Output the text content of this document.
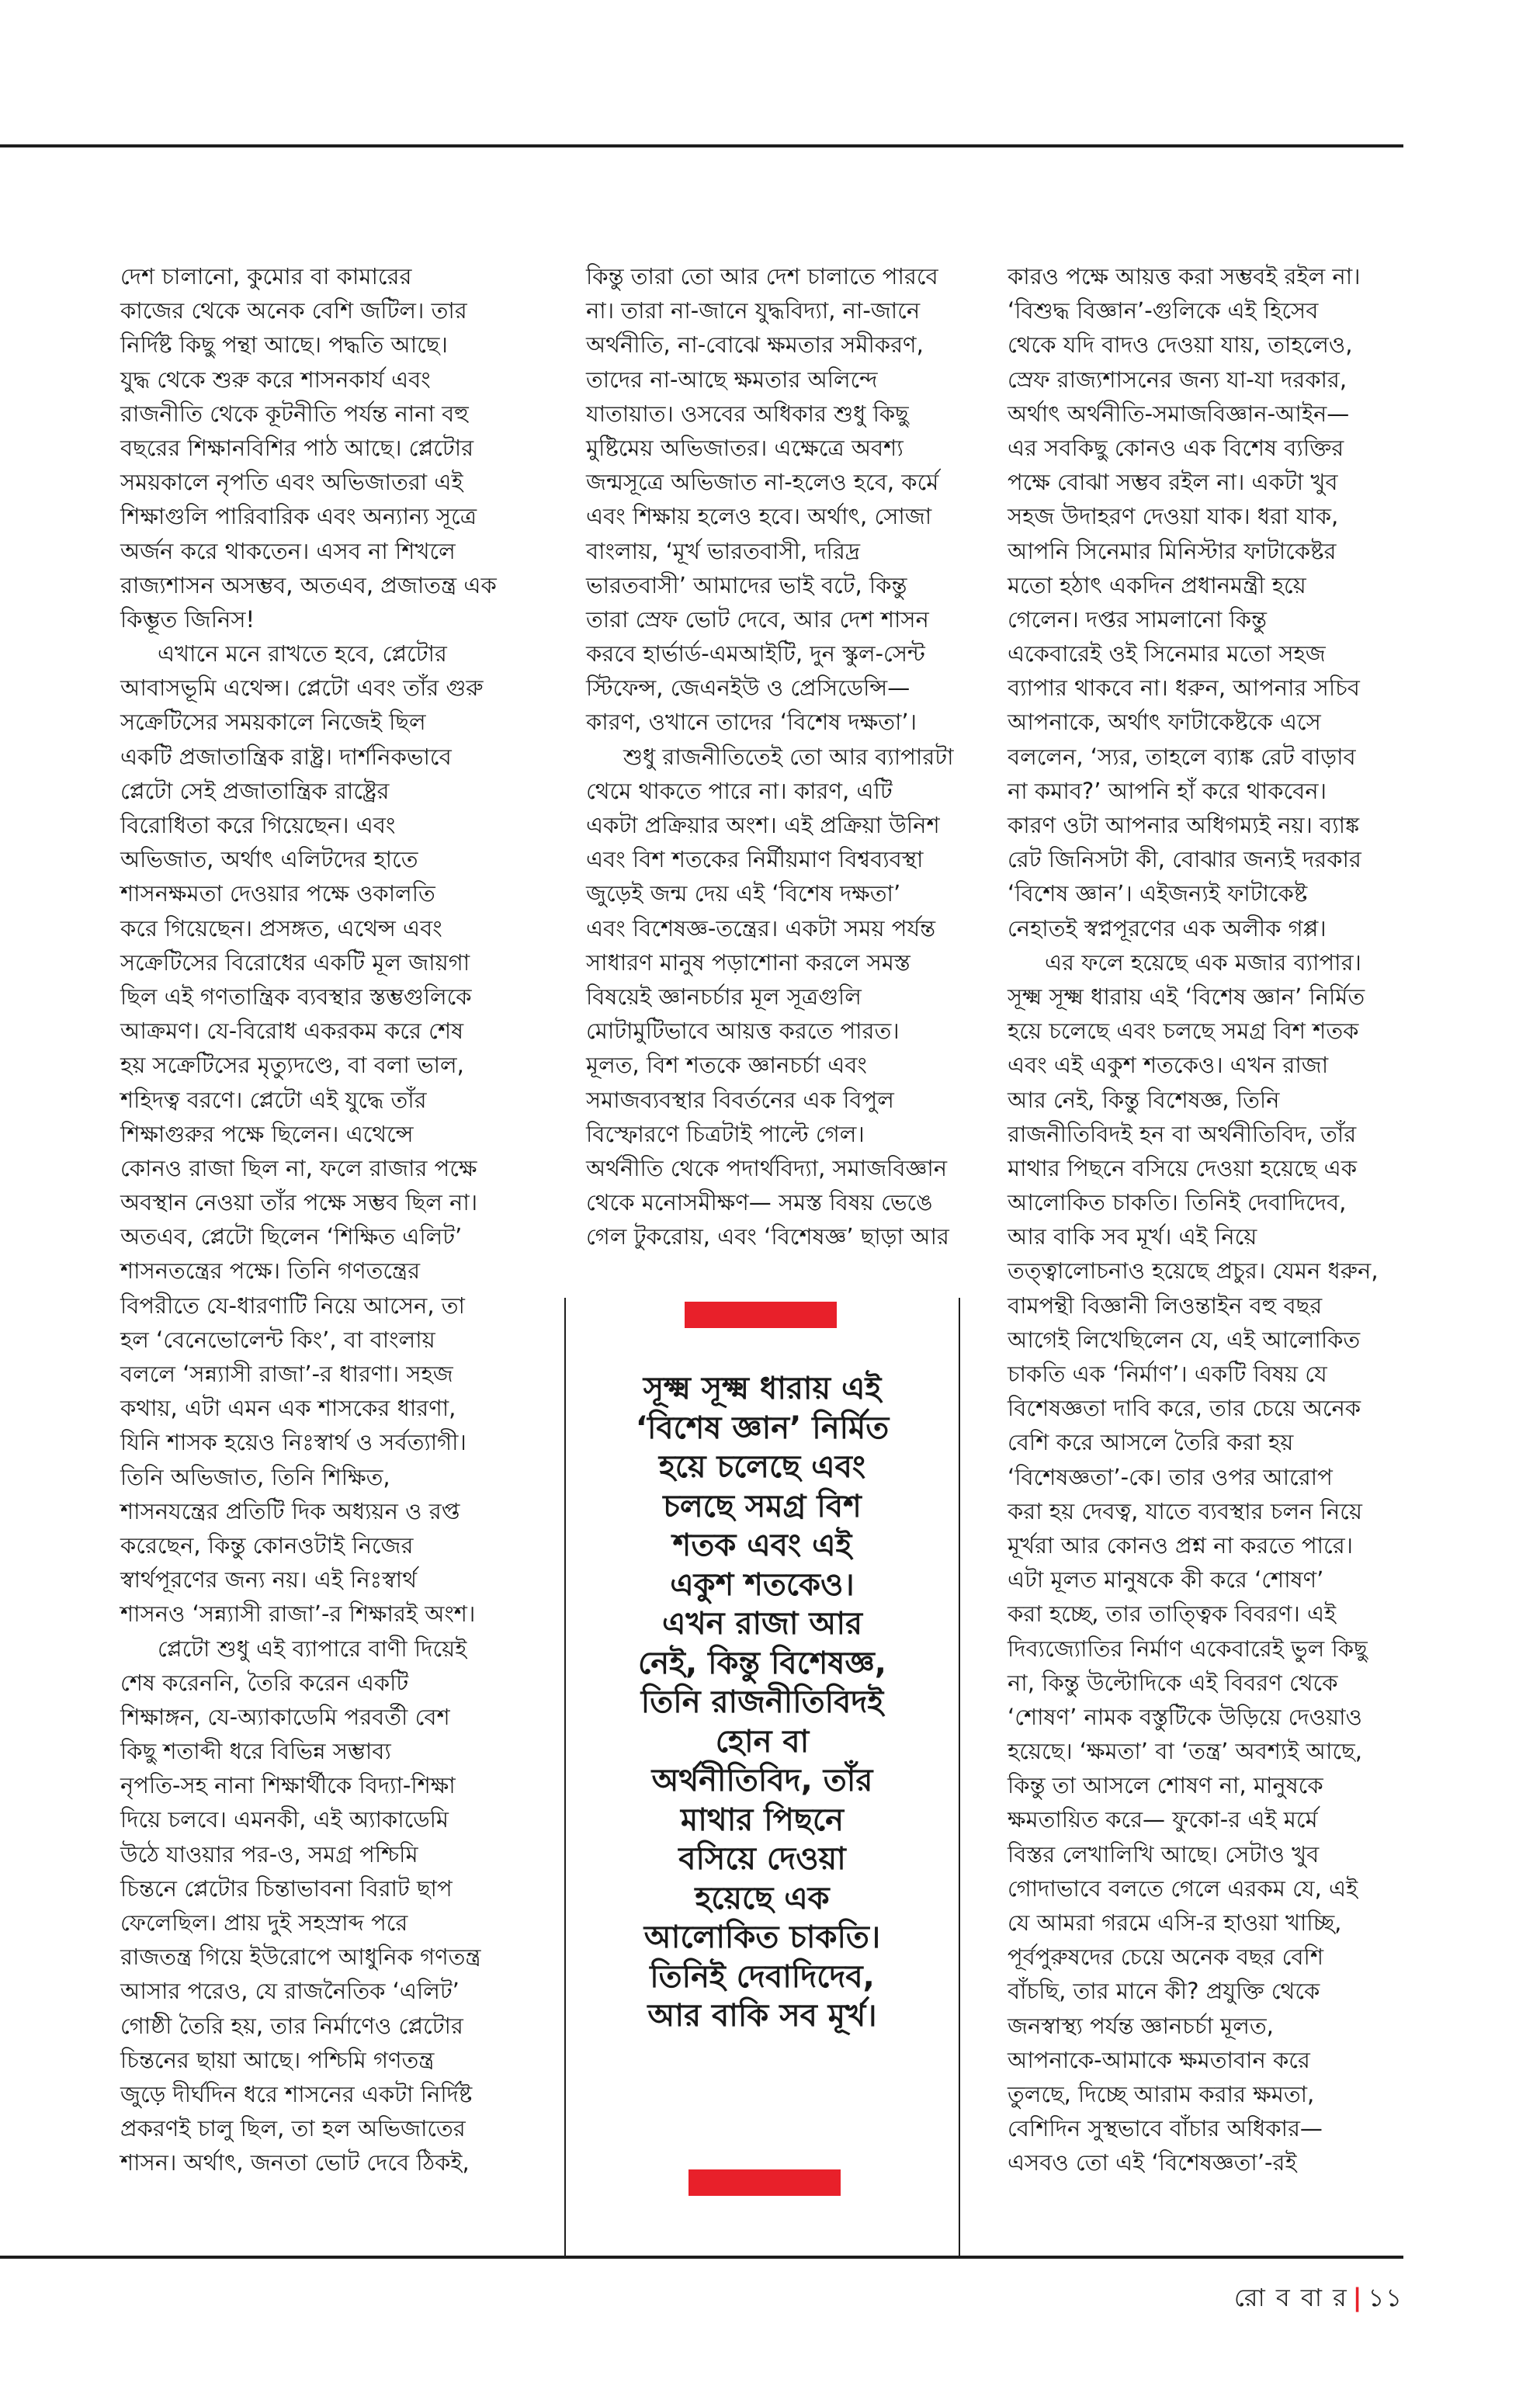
দেশ চালানো, কুমোর বা কামারের
কাজের থেকে অনেক বেশি জটিল। তার
নির্দিষ্ট কিছু পন্থা আছে। পদ্ধতি আছে।
যুদ্ধ থেকে শুরু করে শাসনকার্য এবং
রাজনীতি থেকে কূটনীতি পর্যন্ত নানা বহু
বছরের শিক্ষানবিশির পাঠ আছে। প্লেটোর
সময়কালে নৃপতি এবং অভিজাতরা এই
শিক্ষাগুলি পারিবারিক এবং অন্যান্য সূত্রে
অর্জন করে থাকতেন। এসব না শিখলে
রাজ্যশাসন অসম্ভব, অতএব, প্রজাতন্ত্র এক
কিম্ভূত জিনিস!
এখানে মনে রাখতে হবে, প্লেটোর
আবাসভূমি এথেন্স। প্লেটো এবং তাঁর গুরু
সক্রেটিসের সময়কালে নিজেই ছিল
একটি প্রজাতান্ত্রিক রাষ্ট্র। দার্শনিকভাবে
প্লেটো সেই প্রজাতান্ত্রিক রাষ্ট্রের
বিরোধিতা করে গিয়েছেন। এবং
অভিজাত, অর্থাৎ এলিটদের হাতে
শাসনক্ষমতা দেওয়ার পক্ষে ওকালতি
করে গিয়েছেন। প্রসঙ্গত, এথেন্স এবং
সক্রেটিসের বিরোধের একটি মূল জায়গা
ছিল এই গণতান্ত্রিক ব্যবস্থার স্তম্ভগুলিকে
আক্রমণ। যে-বিরোধ একরকম করে শেষ
হয় সক্রেটিসের মৃত্যুদণ্ডে, বা বলা ভাল,
শহিদত্ব বরণে। প্লেটো এই যুদ্ধে তাঁর
শিক্ষাগুরুর পক্ষে ছিলেন। এথেন্সে
কোনও রাজা ছিল না, ফলে রাজার পক্ষে
অবস্থান নেওয়া তাঁর পক্ষে সম্ভব ছিল না।
অতএব, প্লেটো ছিলেন ‘শিক্ষিত এলিট’
শাসনতন্ত্রের পক্ষে। তিনি গণতন্ত্রের
বিপরীতে যে-ধারণাটি নিয়ে আসেন, তা
হল ‘বেনেভোলেন্ট কিং’, বা বাংলায়
বললে ‘সন্ন্যাসী রাজা’-র ধারণা। সহজ
কথায়, এটা এমন এক শাসকের ধারণা,
যিনি শাসক হয়েও নিঃস্বার্থ ও সর্বত্যাগী।
তিনি অভিজাত, তিনি শিক্ষিত,
শাসনযন্ত্রের প্রতিটি দিক অধ্যয়ন ও রপ্ত
করেছেন, কিন্তু কোনওটাই নিজের
স্বার্থপূরণের জন্য নয়। এই নিঃস্বার্থ
শাসনও ‘সন্ন্যাসী রাজা’-র শিক্ষারই অংশ।
প্লেটো শুধু এই ব্যাপারে বাণী দিয়েই
শেষ করেননি, তৈরি করেন একটি
শিক্ষাঙ্গন, যে-অ্যাকাডেমি পরবর্তী বেশ
কিছু শতাব্দী ধরে বিভিন্ন সম্ভাব্য
নৃপতি-সহ নানা শিক্ষার্থীকে বিদ্যা-শিক্ষা
দিয়ে চলবে। এমনকী, এই অ্যাকাডেমি
উঠে যাওয়ার পর-ও, সমগ্র পশ্চিমি
চিন্তনে প্লেটোর চিন্তাভাবনা বিরাট ছাপ
ফেলেছিল। প্রায় দুই সহস্রাব্দ পরে
রাজতন্ত্র গিয়ে ইউরোপে আধুনিক গণতন্ত্র
আসার পরেও, যে রাজনৈতিক ‘এলিট’
গোষ্ঠী তৈরি হয়, তার নির্মাণেও প্লেটোর
চিন্তনের ছায়া আছে। পশ্চিমি গণতন্ত্র
জুড়ে দীর্ঘদিন ধরে শাসনের একটা নির্দিষ্ট
প্রকরণই চালু ছিল, তা হল অভিজাতের
শাসন। অর্থাৎ, জনতা ভোট দেবে ঠিকই,
কিন্তু তারা তো আর দেশ চালাতে পারবে
না। তারা না-জানে যুদ্ধবিদ্যা, না-জানে
অর্থনীতি, না-বোঝে ক্ষমতার সমীকরণ,
তাদের না-আছে ক্ষমতার অলিন্দে
যাতায়াত। ওসবের অধিকার শুধু কিছু
মুষ্টিমেয় অভিজাতর। এক্ষেত্রে অবশ্য
জন্মসূত্রে অভিজাত না-হলেও হবে, কর্মে
এবং শিক্ষায় হলেও হবে। অর্থাৎ, সোজা
বাংলায়, ‘মূর্খ ভারতবাসী, দরিদ্র
ভারতবাসী’ আমাদের ভাই বটে, কিন্তু
তারা স্রেফ ভোট দেবে, আর দেশ শাসন
করবে হার্ভার্ড-এমআইটি, দুন স্কুল-সেন্ট
স্টিফেন্স, জেএনইউ ও প্রেসিডেন্সি—
কারণ, ওখানে তাদের ‘বিশেষ দক্ষতা’।
শুধু রাজনীতিতেই তো আর ব্যাপারটা
থেমে থাকতে পারে না। কারণ, এটি
একটা প্রক্রিয়ার অংশ। এই প্রক্রিয়া উনিশ
এবং বিশ শতকের নির্মীয়মাণ বিশ্বব্যবস্থা
জুড়েই জন্ম দেয় এই ‘বিশেষ দক্ষতা’
এবং বিশেষজ্ঞ-তন্ত্রের। একটা সময় পর্যন্ত
সাধারণ মানুষ পড়াশোনা করলে সমস্ত
বিষয়েই জ্ঞানচর্চার মূল সূত্রগুলি
মোটামুটিভাবে আয়ত্ত করতে পারত।
মূলত, বিশ শতকে জ্ঞানচর্চা এবং
সমাজব্যবস্থার বিবর্তনের এক বিপুল
বিস্ফোরণে চিত্রটাই পাল্টে গেল।
অর্থনীতি থেকে পদার্থবিদ্যা, সমাজবিজ্ঞান
থেকে মনোসমীক্ষণ— সমস্ত বিষয় ভেঙে
গেল টুকরোয়, এবং ‘বিশেষজ্ঞ’ ছাড়া আর
কারও পক্ষে আয়ত্ত করা সম্ভবই রইল না।
‘বিশুদ্ধ বিজ্ঞান’-গুলিকে এই হিসেব
থেকে যদি বাদও দেওয়া যায়, তাহলেও,
স্রেফ রাজ্যশাসনের জন্য যা-যা দরকার,
অর্থাৎ অর্থনীতি-সমাজবিজ্ঞান-আইন—
এর সবকিছু কোনও এক বিশেষ ব্যক্তির
পক্ষে বোঝা সম্ভব রইল না। একটা খুব
সহজ উদাহরণ দেওয়া যাক। ধরা যাক,
আপনি সিনেমার মিনিস্টার ফাটাকেষ্টর
মতো হঠাৎ একদিন প্রধানমন্ত্রী হয়ে
গেলেন। দপ্তর সামলানো কিন্তু
একেবারেই ওই সিনেমার মতো সহজ
ব্যাপার থাকবে না। ধরুন, আপনার সচিব
আপনাকে, অর্থাৎ ফাটাকেষ্টকে এসে
বললেন, ‘স্যর, তাহলে ব্যাঙ্ক রেট বাড়াব
না কমাব?’ আপনি হাঁ করে থাকবেন।
কারণ ওটা আপনার অধিগম্যই নয়। ব্যাঙ্ক
রেট জিনিসটা কী, বোঝার জন্যই দরকার
‘বিশেষ জ্ঞান’। এইজন্যই ফাটাকেষ্ট
নেহাতই স্বপ্নপূরণের এক অলীক গপ্প।
এর ফলে হয়েছে এক মজার ব্যাপার।
সূক্ষ্ম সূক্ষ্ম ধারায় এই ‘বিশেষ জ্ঞান’ নির্মিত
হয়ে চলেছে এবং চলছে সমগ্র বিশ শতক
এবং এই একুশ শতকেও। এখন রাজা
আর নেই, কিন্তু বিশেষজ্ঞ, তিনি
রাজনীতিবিদই হন বা অর্থনীতিবিদ, তাঁর
মাথার পিছনে বসিয়ে দেওয়া হয়েছে এক
আলোকিত চাকতি। তিনিই দেবাদিদেব,
আর বাকি সব মূর্খ। এই নিয়ে
তত্ত্বালোচনাও হয়েছে প্রচুর। যেমন ধরুন,
বামপন্থী বিজ্ঞানী লিওন্তাইন বহু বছর
আগেই লিখেছিলেন যে, এই আলোকিত
চাকতি এক ‘নির্মাণ’। একটি বিষয় যে
বিশেষজ্ঞতা দাবি করে, তার চেয়ে অনেক
বেশি করে আসলে তৈরি করা হয়
‘বিশেষজ্ঞতা’-কে। তার ওপর আরোপ
করা হয় দেবত্ব, যাতে ব্যবস্থার চলন নিয়ে
মূর্খরা আর কোনও প্রশ্ন না করতে পারে।
এটা মূলত মানুষকে কী করে ‘শোষণ’
করা হচ্ছে, তার তাত্ত্বিক বিবরণ। এই
দিব্যজ্যোতির নির্মাণ একেবারেই ভুল কিছু
না, কিন্তু উল্টোদিকে এই বিবরণ থেকে
‘শোষণ’ নামক বস্তুটিকে উড়িয়ে দেওয়াও
হয়েছে। ‘ক্ষমতা’ বা ‘তন্ত্র’ অবশ্যই আছে,
কিন্তু তা আসলে শোষণ না, মানুষকে
ক্ষমতায়িত করে— ফুকো-র এই মর্মে
বিস্তর লেখালিখি আছে। সেটাও খুব
গোদাভাবে বলতে গেলে এরকম যে, এই
যে আমরা গরমে এসি-র হাওয়া খাচ্ছি,
পূর্বপুরুষদের চেয়ে অনেক বছর বেশি
বাঁচছি, তার মানে কী? প্রযুক্তি থেকে
জনস্বাস্থ্য পর্যন্ত জ্ঞানচর্চা মূলত,
আপনাকে-আমাকে ক্ষমতাবান করে
তুলছে, দিচ্ছে আরাম করার ক্ষমতা,
বেশিদিন সুস্থভাবে বাঁচার অধিকার—
এসবও তো এই ‘বিশেষজ্ঞতা’-রই
সূক্ষ্ম সূক্ষ্ম ধারায় এই
‘বিশেষ জ্ঞান’ নির্মিত
হয়ে চলেছে এবং
চলছে সমগ্র বিশ
শতক এবং এই
একুশ শতকেও।
এখন রাজা আর
নেই, কিন্তু বিশেষজ্ঞ,
তিনি রাজনীতিবিদই
হোন বা
অর্থনীতিবিদ, তাঁর
মাথার পিছনে
বসিয়ে দেওয়া
হয়েছে এক
আলোকিত চাকতি।
তিনিই দেবাদিদেব,
আর বাকি সব মূর্খ।
রো ব বা র | ১১
